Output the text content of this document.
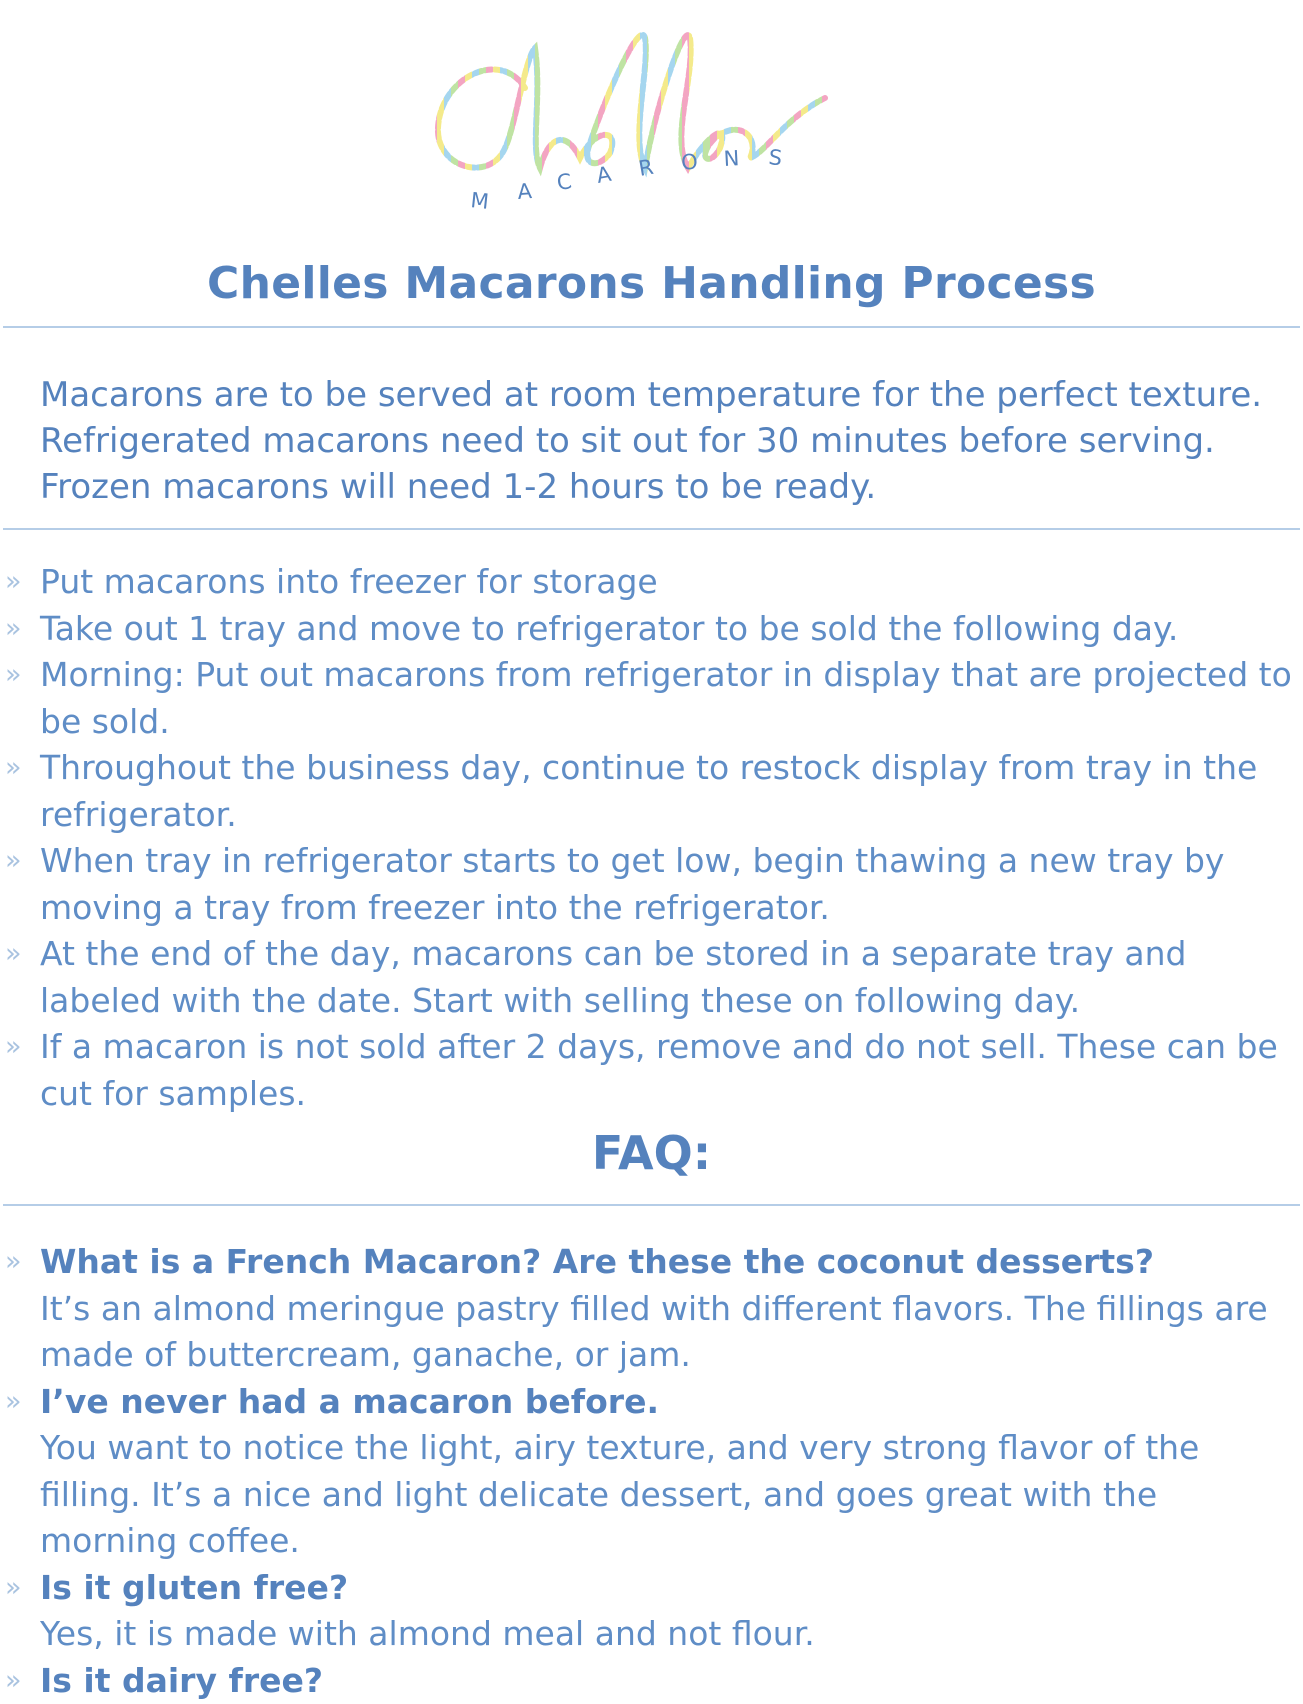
M A C A R O N S
Chelles Macarons Handling Process
Macarons are to be served at room temperature for the perfect texture.
Refrigerated macarons need to sit out for 30 minutes before serving.
Frozen macarons will need 1-2 hours to be ready.
» Put macarons into freezer for storage
» Take out 1 tray and move to refrigerator to be sold the following day.
» Morning: Put out macarons from refrigerator in display that are projected to be sold.
» Throughout the business day, continue to restock display from tray in the refrigerator.
» When tray in refrigerator starts to get low, begin thawing a new tray by moving a tray from freezer into the refrigerator.
» At the end of the day, macarons can be stored in a separate tray and labeled with the date. Start with selling these on following day.
» If a macaron is not sold after 2 days, remove and do not sell. These can be cut for samples.
FAQ:
» What is a French Macaron? Are these the coconut desserts?
It’s an almond meringue pastry filled with different flavors. The fillings are made of buttercream, ganache, or jam.
» I’ve never had a macaron before.
You want to notice the light, airy texture, and very strong flavor of the filling. It’s a nice and light delicate dessert, and goes great with the morning coffee.
» Is it gluten free?
Yes, it is made with almond meal and not flour.
» Is it dairy free?
